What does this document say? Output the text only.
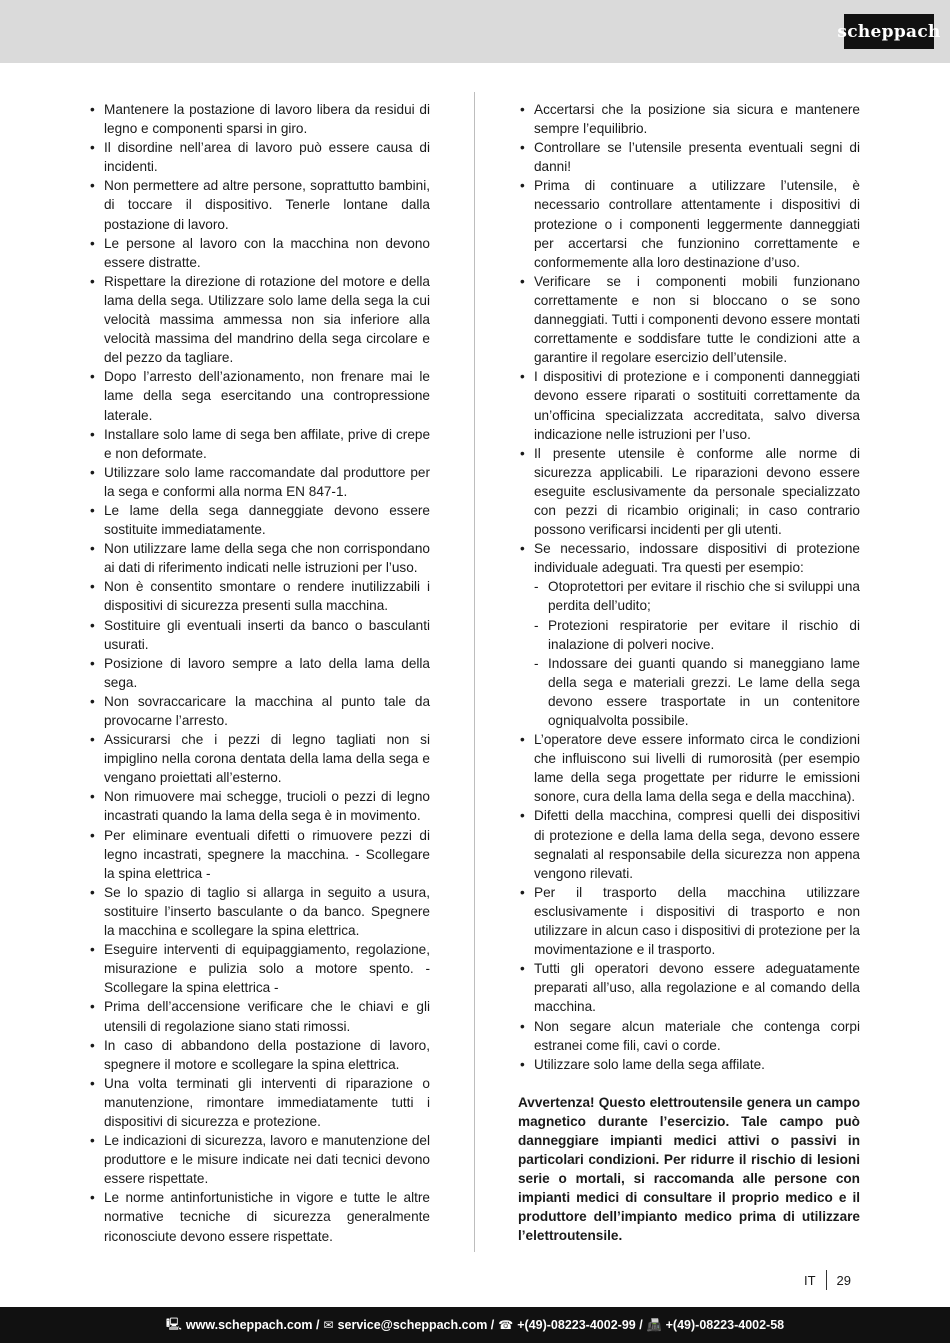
scheppach
• Mantenere la postazione di lavoro libera da residui di legno e componenti sparsi in giro.
• Il disordine nell’area di lavoro può essere causa di incidenti.
• Non permettere ad altre persone, soprattutto bambini, di toccare il dispositivo. Tenerle lontane dalla postazione di lavoro.
• Le persone al lavoro con la macchina non devono essere distratte.
• Rispettare la direzione di rotazione del motore e della lama della sega. Utilizzare solo lame della sega la cui velocità massima ammessa non sia inferiore alla velocità massima del mandrino della sega circolare e del pezzo da tagliare.
• Dopo l’arresto dell’azionamento, non frenare mai le lame della sega esercitando una contropressione laterale.
• Installare solo lame di sega ben affilate, prive di crepe e non deformate.
• Utilizzare solo lame raccomandate dal produttore per la sega e conformi alla norma EN 847-1.
• Le lame della sega danneggiate devono essere sostituite immediatamente.
• Non utilizzare lame della sega che non corrispondano ai dati di riferimento indicati nelle istruzioni per l’uso.
• Non è consentito smontare o rendere inutilizzabili i dispositivi di sicurezza presenti sulla macchina.
• Sostituire gli eventuali inserti da banco o basculanti usurati.
• Posizione di lavoro sempre a lato della lama della sega.
• Non sovraccaricare la macchina al punto tale da provocarne l’arresto.
• Assicurarsi che i pezzi di legno tagliati non si impiglino nella corona dentata della lama della sega e vengano proiettati all’esterno.
• Non rimuovere mai schegge, trucioli o pezzi di legno incastrati quando la lama della sega è in movimento.
• Per eliminare eventuali difetti o rimuovere pezzi di legno incastrati, spegnere la macchina. - Scollegare la spina elettrica -
• Se lo spazio di taglio si allarga in seguito a usura, sostituire l’inserto basculante o da banco. Spegnere la macchina e scollegare la spina elettrica.
• Eseguire interventi di equipaggiamento, regolazione, misurazione e pulizia solo a motore spento. - Scollegare la spina elettrica -
• Prima dell’accensione verificare che le chiavi e gli utensili di regolazione siano stati rimossi.
• In caso di abbandono della postazione di lavoro, spegnere il motore e scollegare la spina elettrica.
• Una volta terminati gli interventi di riparazione o manutenzione, rimontare immediatamente tutti i dispositivi di sicurezza e protezione.
• Le indicazioni di sicurezza, lavoro e manutenzione del produttore e le misure indicate nei dati tecnici devono essere rispettate.
• Le norme antinfortunistiche in vigore e tutte le altre normative tecniche di sicurezza generalmente riconosciute devono essere rispettate.
• Accertarsi che la posizione sia sicura e mantenere sempre l’equilibrio.
• Controllare se l’utensile presenta eventuali segni di danni!
• Prima di continuare a utilizzare l’utensile, è necessario controllare attentamente i dispositivi di protezione o i componenti leggermente danneggiati per accertarsi che funzionino correttamente e conformemente alla loro destinazione d’uso.
• Verificare se i componenti mobili funzionano correttamente e non si bloccano o se sono danneggiati. Tutti i componenti devono essere montati correttamente e soddisfare tutte le condizioni atte a garantire il regolare esercizio dell’utensile.
• I dispositivi di protezione e i componenti danneggiati devono essere riparati o sostituiti correttamente da un’officina specializzata accreditata, salvo diversa indicazione nelle istruzioni per l’uso.
• Il presente utensile è conforme alle norme di sicurezza applicabili. Le riparazioni devono essere eseguite esclusivamente da personale specializzato con pezzi di ricambio originali; in caso contrario possono verificarsi incidenti per gli utenti.
• Se necessario, indossare dispositivi di protezione individuale adeguati. Tra questi per esempio:
- Otoprotettori per evitare il rischio che si sviluppi una perdita dell’udito;
- Protezioni respiratorie per evitare il rischio di inalazione di polveri nocive.
- Indossare dei guanti quando si maneggiano lame della sega e materiali grezzi. Le lame della sega devono essere trasportate in un contenitore ogniqualvolta possibile.
• L’operatore deve essere informato circa le condizioni che influiscono sui livelli di rumorosità (per esempio lame della sega progettate per ridurre le emissioni sonore, cura della lama della sega e della macchina).
• Difetti della macchina, compresi quelli dei dispositivi di protezione e della lama della sega, devono essere segnalati al responsabile della sicurezza non appena vengono rilevati.
• Per il trasporto della macchina utilizzare esclusivamente i dispositivi di trasporto e non utilizzare in alcun caso i dispositivi di protezione per la movimentazione e il trasporto.
• Tutti gli operatori devono essere adeguatamente preparati all’uso, alla regolazione e al comando della macchina.
• Non segare alcun materiale che contenga corpi estranei come fili, cavi o corde.
• Utilizzare solo lame della sega affilate.

Avvertenza! Questo elettroutensile genera un campo magnetico durante l’esercizio. Tale campo può danneggiare impianti medici attivi o passivi in particolari condizioni. Per ridurre il rischio di lesioni serie o mortali, si raccomanda alle persone con impianti medici di consultare il proprio medico e il produttore dell’impianto medico prima di utilizzare l’elettroutensile.

IT	29
🖳 www.scheppach.com / ✉ service@scheppach.com / ☎ +(49)-08223-4002-99 / 📠 +(49)-08223-4002-58
